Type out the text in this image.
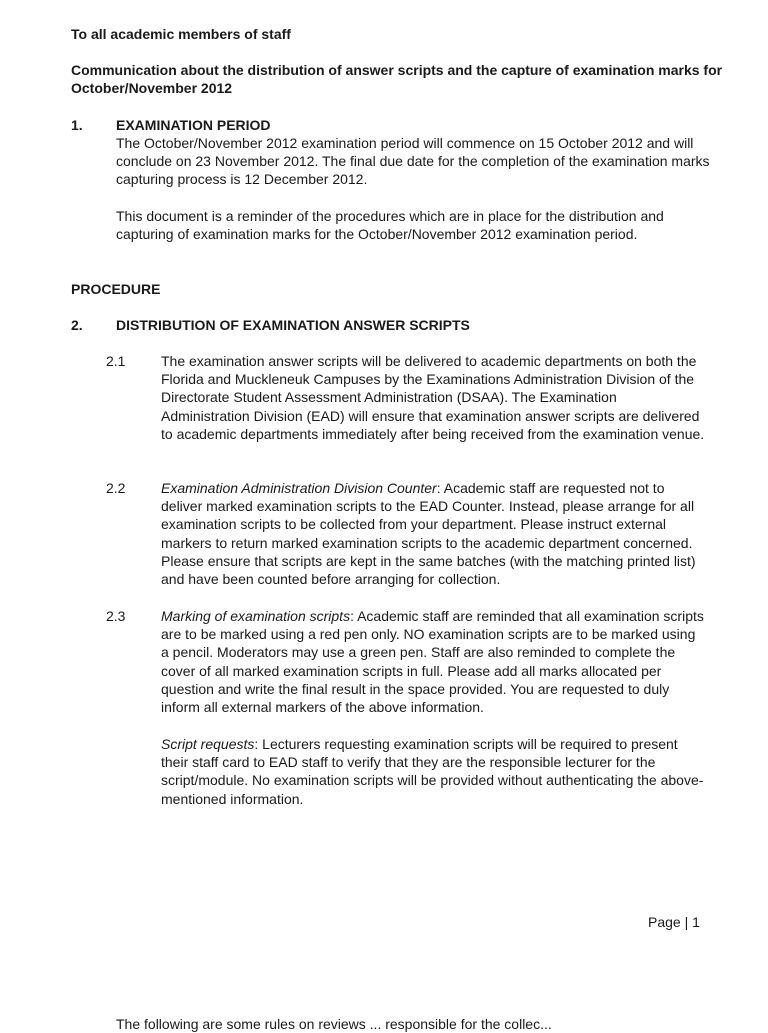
To all academic members of staff

Communication about the distribution of answer scripts and the capture of examination marks for October/November 2012

1. EXAMINATION PERIOD

The October/November 2012 examination period will commence on 15 October 2012 and will conclude on 23 November 2012. The final due date for the completion of the examination marks capturing process is 12 December 2012.

This document is a reminder of the procedures which are in place for the distribution and capturing of examination marks for the October/November 2012 examination period.

PROCEDURE
2. DISTRIBUTION OF EXAMINATION ANSWER SCRIPTS
2.1	The examination answer scripts will be delivered to academic departments on both the Florida and Muckleneuk Campuses by the Examinations Administration Division of the Directorate Student Assessment Administration (DSAA). The Examination Administration Division (EAD) will ensure that examination answer scripts are delivered to academic departments immediately after being received from the examination venue.

2.2	Examination Administration Division Counter: Academic staff are requested not to deliver marked examination scripts to the EAD Counter. Instead, please arrange for all examination scripts to be collected from your department. Please instruct external markers to return marked examination scripts to the academic department concerned. Please ensure that scripts are kept in the same batches (with the matching printed list) and have been counted before arranging for collection.

2.3	Marking of examination scripts: Academic staff are reminded that all examination scripts are to be marked using a red pen only. NO examination scripts are to be marked using a pencil. Moderators may use a green pen. Staff are also reminded to complete the cover of all marked examination scripts in full. Please add all marks allocated per question and write the final result in the space provided. You are requested to duly inform all external markers of the above information.

Script requests: Lecturers requesting examination scripts will be required to present their staff card to EAD staff to verify that they are the responsible lecturer for the script/module. No examination scripts will be provided without authenticating the above-mentioned information.

Page | 1
The following are some rules on reviews ... responsible for the collec...
